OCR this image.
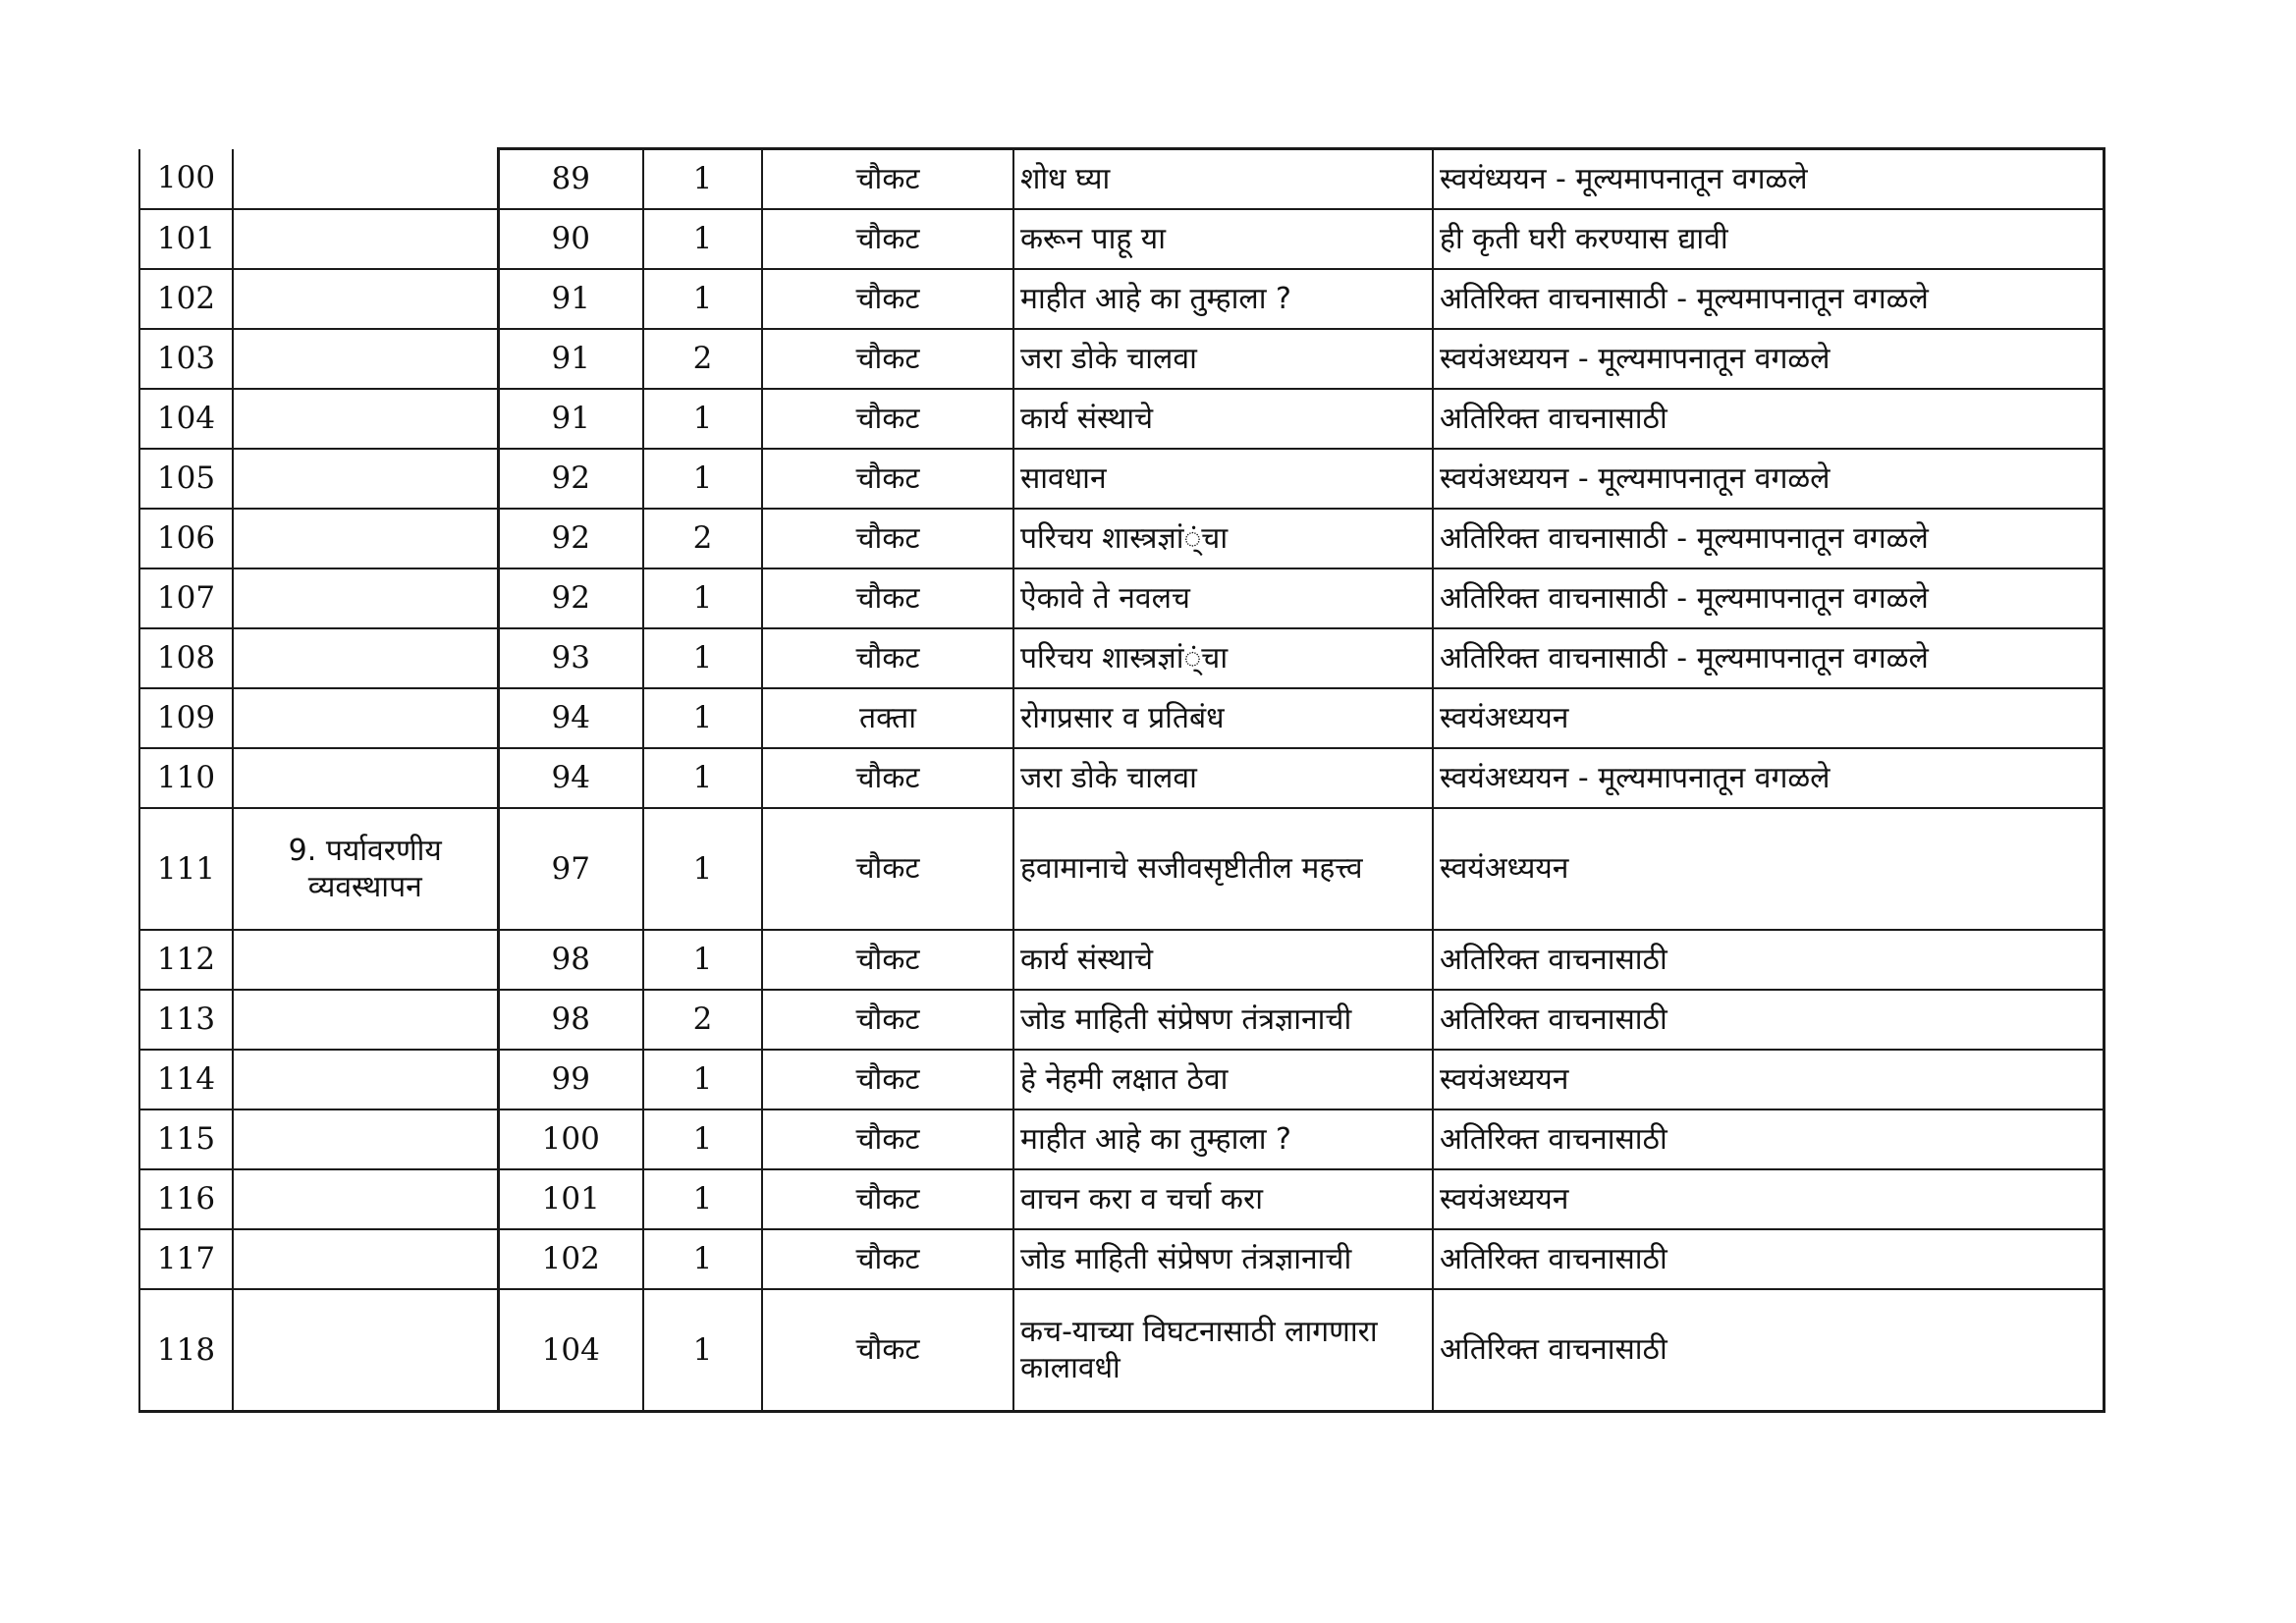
100		89	1	चौकट	शोध घ्या	स्वयंध्ययन - मूल्यमापनातून वगळले
101		90	1	चौकट	करून पाहू या	ही कृती घरी करण्यास द्यावी
102		91	1	चौकट	माहीत आहे का तुम्हाला ?	अतिरिक्त वाचनासाठी - मूल्यमापनातून वगळले
103		91	2	चौकट	जरा डोके चालवा	स्वयंअध्ययन - मूल्यमापनातून वगळले
104		91	1	चौकट	कार्य संस्थाचे	अतिरिक्त वाचनासाठी
105		92	1	चौकट	सावधान	स्वयंअध्ययन - मूल्यमापनातून वगळले
106		92	2	चौकट	परिचय शास्त्रज्ञां्ंचा	अतिरिक्त वाचनासाठी - मूल्यमापनातून वगळले
107		92	1	चौकट	ऐकावे ते नवलच	अतिरिक्त वाचनासाठी - मूल्यमापनातून वगळले
108		93	1	चौकट	परिचय शास्त्रज्ञां्ंचा	अतिरिक्त वाचनासाठी - मूल्यमापनातून वगळले
109		94	1	तक्ता	रोगप्रसार व प्रतिबंध	स्वयंअध्ययन
110		94	1	चौकट	जरा डोके चालवा	स्वयंअध्ययन - मूल्यमापनातून वगळले
111	9. पर्यावरणीय व्यवस्थापन	97	1	चौकट	हवामानाचे सजीवसृष्टीतील महत्त्व	स्वयंअध्ययन
112		98	1	चौकट	कार्य संस्थाचे	अतिरिक्त वाचनासाठी
113		98	2	चौकट	जोड माहिती संप्रेषण तंत्रज्ञानाची	अतिरिक्त वाचनासाठी
114		99	1	चौकट	हे नेहमी लक्षात ठेवा	स्वयंअध्ययन
115		100	1	चौकट	माहीत आहे का तुम्हाला ?	अतिरिक्त वाचनासाठी
116		101	1	चौकट	वाचन करा व चर्चा करा	स्वयंअध्ययन
117		102	1	चौकट	जोड माहिती संप्रेषण तंत्रज्ञानाची	अतिरिक्त वाचनासाठी
118		104	1	चौकट	कच-याच्या विघटनासाठी लागणारा कालावधी	अतिरिक्त वाचनासाठी
